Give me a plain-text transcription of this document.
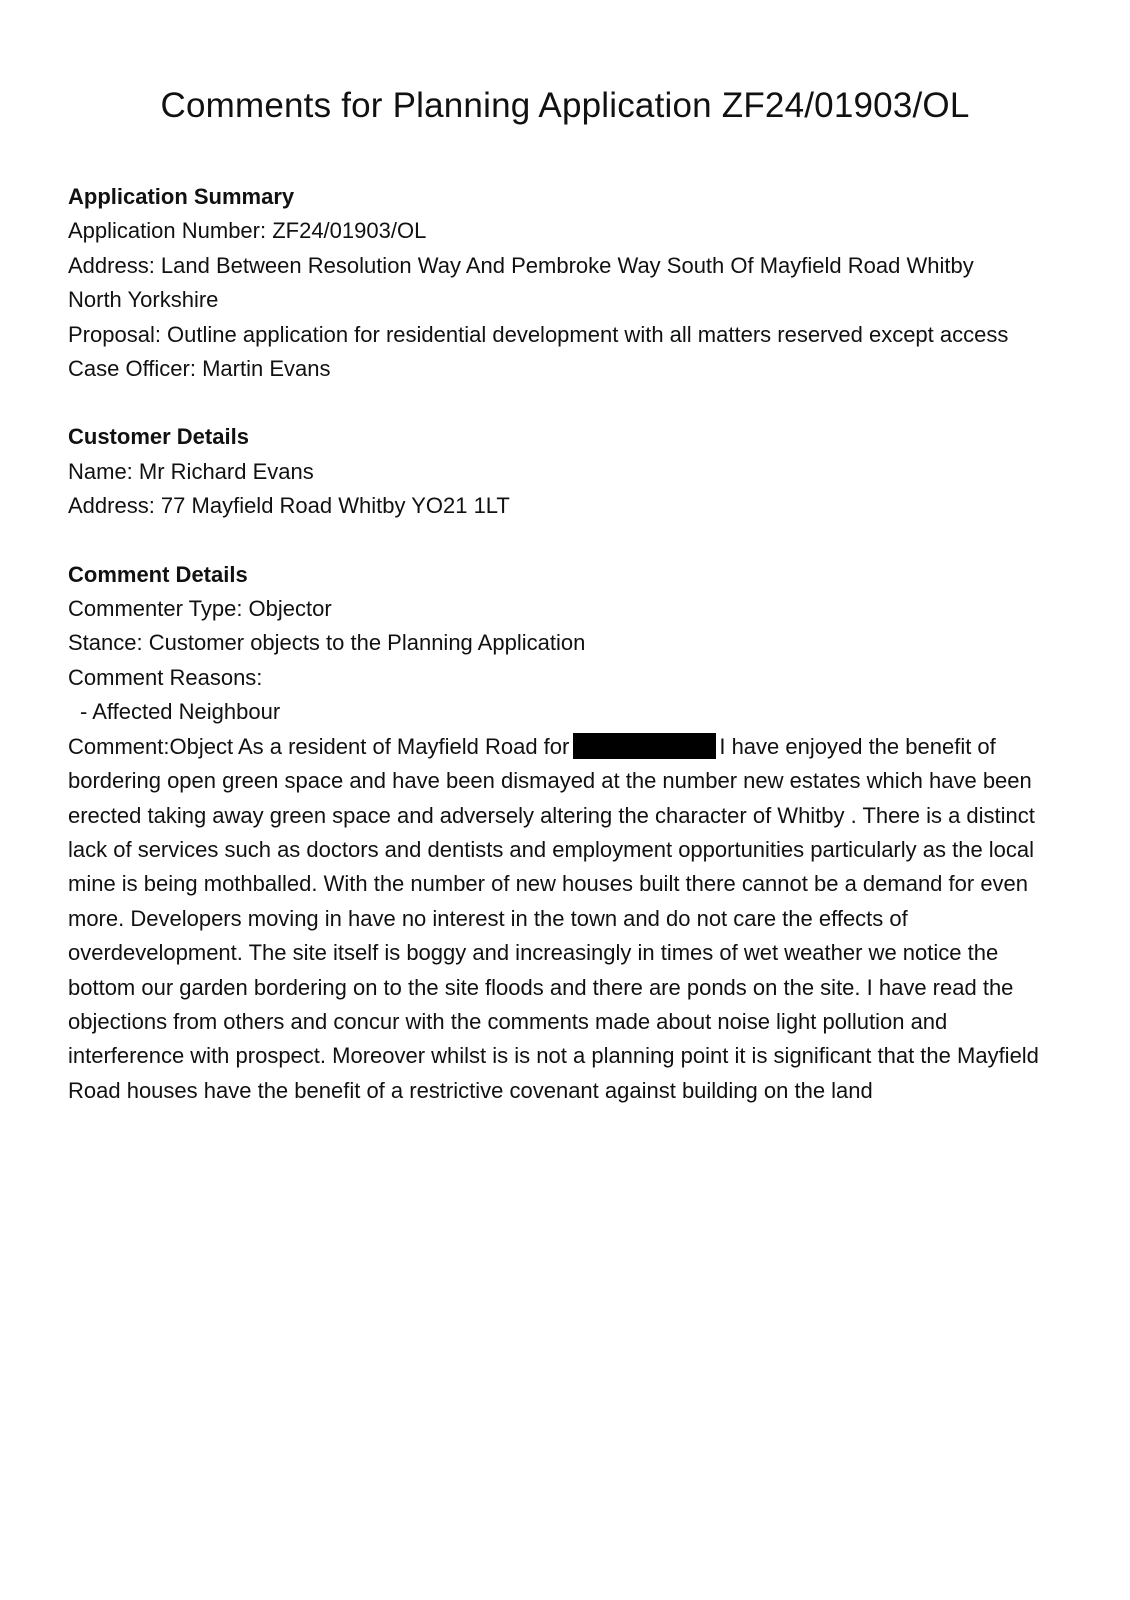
Comments for Planning Application ZF24/01903/OL

Application Summary

Application Number: ZF24/01903/OL

Address: Land Between Resolution Way And Pembroke Way South Of Mayfield Road Whitby North Yorkshire

Proposal: Outline application for residential development with all matters reserved except access

Case Officer: Martin Evans

Customer Details

Name: Mr Richard Evans

Address: 77 Mayfield Road Whitby YO21 1LT

Comment Details

Commenter Type: Objector

Stance: Customer objects to the Planning Application

Comment Reasons:

- Affected Neighbour

Comment:Object As a resident of Mayfield Road for	I have enjoyed the benefit of bordering open green space and have been dismayed at the number new estates which have been erected taking away green space and adversely altering the character of Whitby . There is a distinct lack of services such as doctors and dentists and employment opportunities particularly as the local mine is being mothballed. With the number of new houses built there cannot be a demand for even more. Developers moving in have no interest in the town and do not care the effects of overdevelopment. The site itself is boggy and increasingly in times of wet weather we notice the bottom our garden bordering on to the site floods and there are ponds on the site. I have read the objections from others and concur with the comments made about noise light pollution and interference with prospect. Moreover whilst is is not a planning point it is significant that the Mayfield Road houses have the benefit of a restrictive covenant against building on the land
